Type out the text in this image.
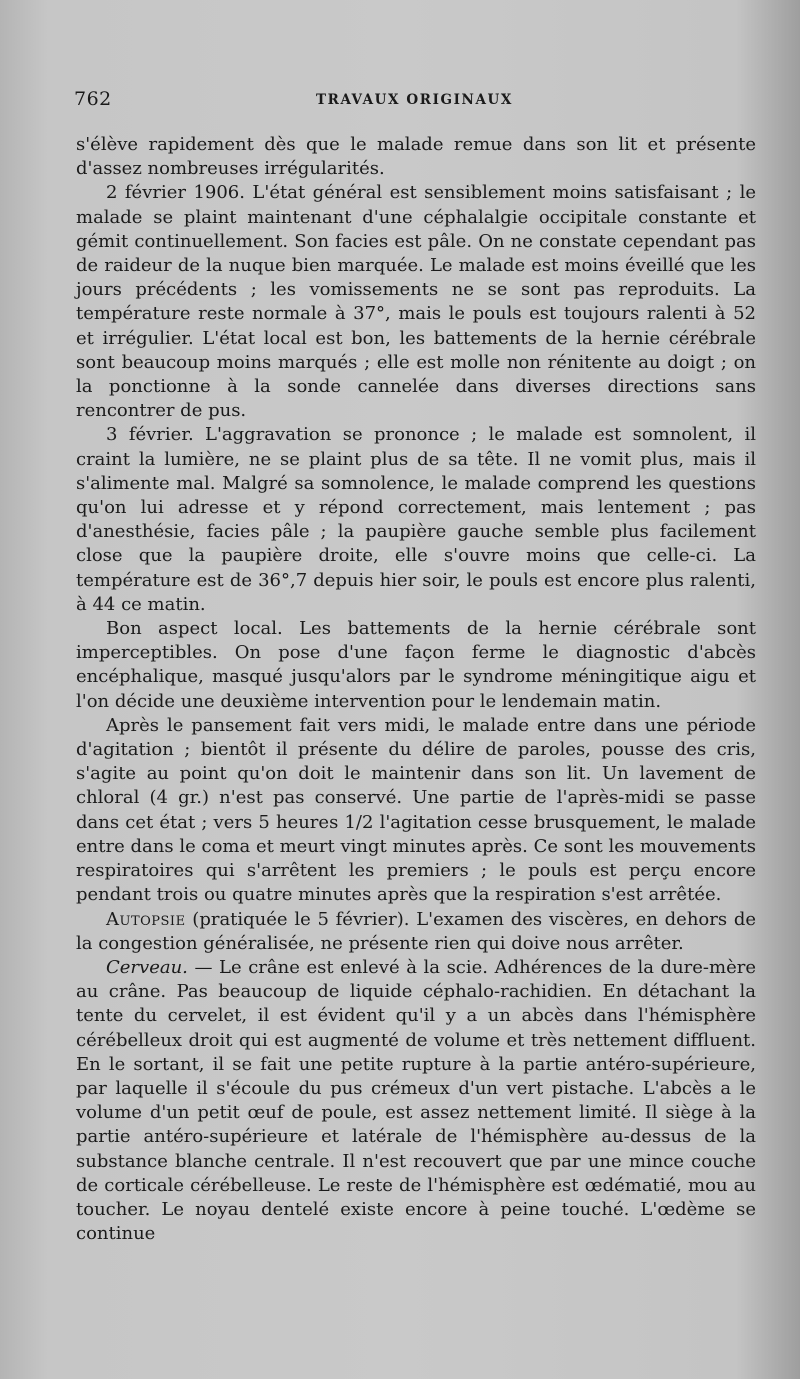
762	TRAVAUX ORIGINAUX

s'élève rapidement dès que le malade remue dans son lit et présente d'assez nombreuses irrégularités.

2 février 1906. L'état général est sensiblement moins satisfaisant ; le malade se plaint maintenant d'une céphalalgie occipitale constante et gémit continuellement. Son facies est pâle. On ne constate cependant pas de raideur de la nuque bien marquée. Le malade est moins éveillé que les jours précédents ; les vomissements ne se sont pas reproduits. La température reste normale à 37°, mais le pouls est toujours ralenti à 52 et irrégulier. L'état local est bon, les battements de la hernie cérébrale sont beaucoup moins marqués ; elle est molle non rénitente au doigt ; on la ponctionne à la sonde cannelée dans diverses directions sans rencontrer de pus.

3 février. L'aggravation se prononce ; le malade est somnolent, il craint la lumière, ne se plaint plus de sa tête. Il ne vomit plus, mais il s'alimente mal. Malgré sa somnolence, le malade comprend les questions qu'on lui adresse et y répond correctement, mais lentement ; pas d'anesthésie, facies pâle ; la paupière gauche semble plus facilement close que la paupière droite, elle s'ouvre moins que celle-ci. La température est de 36°,7 depuis hier soir, le pouls est encore plus ralenti, à 44 ce matin.

Bon aspect local. Les battements de la hernie cérébrale sont imperceptibles. On pose d'une façon ferme le diagnostic d'abcès encéphalique, masqué jusqu'alors par le syndrome méningitique aigu et l'on décide une deuxième intervention pour le lendemain matin.

Après le pansement fait vers midi, le malade entre dans une période d'agitation ; bientôt il présente du délire de paroles, pousse des cris, s'agite au point qu'on doit le maintenir dans son lit. Un lavement de chloral (4 gr.) n'est pas conservé. Une partie de l'après-midi se passe dans cet état ; vers 5 heures 1/2 l'agitation cesse brusquement, le malade entre dans le coma et meurt vingt minutes après. Ce sont les mouvements respiratoires qui s'arrêtent les premiers ; le pouls est perçu encore pendant trois ou quatre minutes après que la respiration s'est arrêtée.

Autopsie (pratiquée le 5 février). L'examen des viscères, en dehors de la congestion généralisée, ne présente rien qui doive nous arrêter.

Cerveau. — Le crâne est enlevé à la scie. Adhérences de la dure-mère au crâne. Pas beaucoup de liquide céphalo-rachidien. En détachant la tente du cervelet, il est évident qu'il y a un abcès dans l'hémisphère cérébelleux droit qui est augmenté de volume et très nettement diffluent. En le sortant, il se fait une petite rupture à la partie antéro-supérieure, par laquelle il s'écoule du pus crémeux d'un vert pistache. L'abcès a le volume d'un petit œuf de poule, est assez nettement limité. Il siège à la partie antéro-supérieure et latérale de l'hémisphère au-dessus de la substance blanche centrale. Il n'est recouvert que par une mince couche de corticale cérébelleuse. Le reste de l'hémisphère est œdématié, mou au toucher. Le noyau dentelé existe encore à peine touché. L'œdème se continue
